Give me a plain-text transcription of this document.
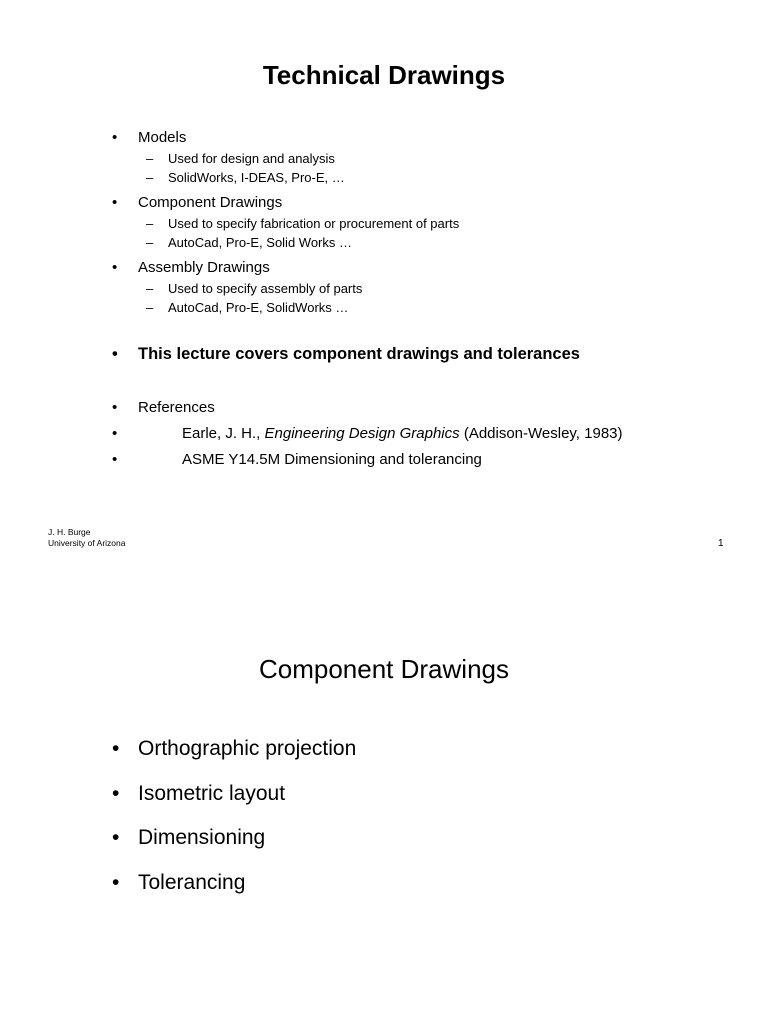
Technical Drawings
• Models
– Used for design and analysis
– SolidWorks, I-DEAS, Pro-E, …
• Component Drawings
– Used to specify fabrication or procurement of parts
– AutoCad, Pro-E, Solid Works …
• Assembly Drawings
– Used to specify assembly of parts
– AutoCad, Pro-E, SolidWorks …
• This lecture covers component drawings and tolerances
• References
•	Earle, J. H., Engineering Design Graphics (Addison-Wesley, 1983)
•	ASME Y14.5M Dimensioning and tolerancing
J. H. Burge
University of Arizona	1
Component Drawings
• Orthographic projection
• Isometric layout
• Dimensioning
• Tolerancing
